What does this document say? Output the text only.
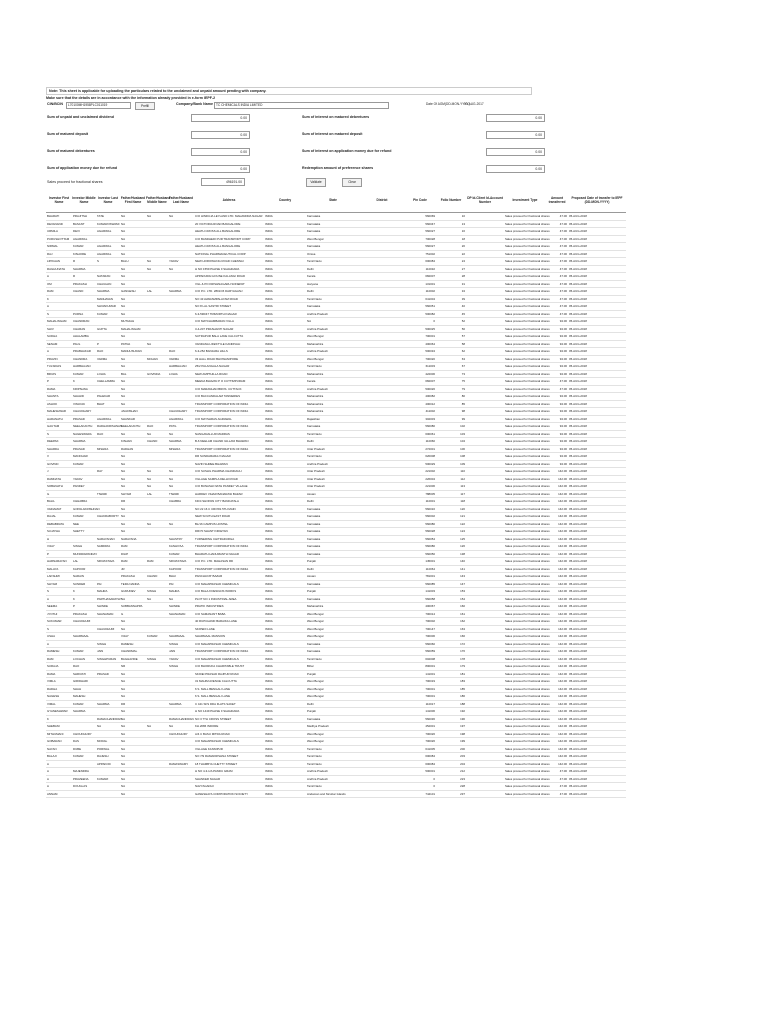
Note: This sheet is applicable for uploading the particulars related to the unclaimed and unpaid amount pending with company.
Make sure that the details are in accordance with the information already provided in e-form IEPF-2
CIN/BCIN	L70100MH1958PLC011019	Prefill	Company/Bank Name TC CHEMICALS INDIA LIMITED	Date Of AGM(DD-MON-YYYY)
03-AUG-2017
Sum of unpaid and unclaimed dividend	0.00	Sum of interest on matured debentures	0.00
Sum of matured deposit	0.00	Sum of interest on matured deposit	0.00
Sum of matured debentures	0.00	Sum of interest on application money due for refund	0.00
Sum of application money due for refund	0.00	Redemption amount of preference shares	0.00
Sales proceed for fractional shares	496191.00	Validate	Clear
Investor First Name	Investor Middle Name	Investor Last Name	Father/Husband First Name	Father/Husband Middle Name	Father/Husband Last Name	Address	Country	State	District	Pin Code	Folio Number	DP Id-Client Id-Account Number	Investment Type	Amount transferred	Proposed Date of transfer to IEPF (DD-MON-YYYY)
BHARATI	PRAJITSH	TATE	NA	NA	NA	C/O HINDUJA LEYLAND LTD. MAHANDRA NAGAR	INDIA	Karnataka		560069	10		Sales proceed for fractional shares	47.00	05-AUG-2018
DEVANAND	BASANT	KUMAROSWAMI	NA			20 VICTORIA ROAD BANGALORE	INDIA	Karnataka		560047	13		Sales proceed for fractional shares	47.00	05-AUG-2018
URMILA	DEVI	AGARWAL	NA			HEATH CROSS ALL BANGALORE	INDIA	Karnataka		560027	16		Sales proceed for fractional shares	47.00	05-AUG-2018
PURUSHOTTAM	AGARWAL		NA			C/O BANDHEDI PUR TRANSPORT CORP	INDIA	West Bengal		700028	18		Sales proceed for fractional shares	47.00	05-AUG-2018
NIRMAL	KUMAR	AGARWAL	NA			HEATH CROSS ALL BANGALORE	INDIA	Karnataka		560027	20		Sales proceed for fractional shares	47.00	05-AUG-2018
RAJ	KISHORE	AGARWAL	NA			NATIONAL PHARMACEUTICAL CORP	INDIA	Orissa		751002	22		Sales proceed for fractional shares	47.00	05-AUG-2018
LIPIKAAN	R	S	BALU	NA	YADAV	NEW HOROWLING ROAD CHENNAI	INDIA	Tamil Nadu		600084	24		Sales proceed for fractional shares	47.00	05-AUG-2018
RAGHUNATH	SHARMA		NA	NA	NA	H NO 1559 PHASE II SHAHDARA	INDIA	Delhi		110032	27		Sales proceed for fractional shares	47.00	05-AUG-2018
A	R	NATARAN	NA			APPADURAI HOUSE KALANGI ROAD	INDIA	Kerala		682007	28		Sales proceed for fractional shares	47.00	05-AUG-2018
OM	PRAKASH	CHAUHAN	NA			VILL & PO KRISHNAGARH SONEPAT	INDIA	Haryana		131001	31		Sales proceed for fractional shares	47.00	05-AUG-2018
RAM	CHAND	SHARMA	GANGESH	LAL	SHARMA	C/O P.C. LTD. 2801/15 DARYAGANJ	INDIA	Delhi		110002	34		Sales proceed for fractional shares	47.00	05-AUG-2018
K		MADHAVAN	NA			NO 43 AVARAMPALAYAM ROAD	INDIA	Tamil Nadu		641004	39		Sales proceed for fractional shares	47.00	05-AUG-2018
A		SHIVAKUMAR	NA			NO 8 LAL SASTRI STREET	INDIA	Karnataka		560051	40		Sales proceed for fractional shares	47.00	05-AUG-2018
S	PURNA	KUMAR	NA			6-3-596/47 TRIMURTHI NAGAR	INDIA	Andhra Pradesh		500082	45		Sales proceed for fractional shares	47.00	05-AUG-2018
MAHALINGAM	CHANDRAN		MUTHIAH			C/O MATCHAMBARAN VILLA	INDIA	NA		0	52		Sales proceed for fractional shares	94.00	05-AUG-2018
SHIV	CHARAN	GUPTA	MAHALINGAM			3-4-207 PRASHANTI NAGAR	INDIA	Andhra Pradesh		500025	56		Sales proceed for fractional shares	94.00	05-AUG-2018
SUDHA	AHALAMBA		NA			SUTRAPUR BALA LANE CALCUTTA	INDIA	West Bengal		700001	57		Sales proceed for fractional shares	94.00	05-AUG-2018
SENAM	PAUL	P	PATNA	NA		VANDANA LIFESTYLE KANDIVALI	INDIA	Maharashtra		400064	58		Sales proceed for fractional shares	94.00	05-AUG-2018
A	PRABHAKAR	RAO	MADHUSUDAN		RAO	6-3-252 BANJARA HILLS	INDIA	Andhra Pradesh		500034	62		Sales proceed for fractional shares	94.00	05-AUG-2018
PRAVIN	CHANDRA	VARMA	NA	MOHAN	VARMA	33 HALL ROAD BHOWANIPORE	INDIA	West Bengal		700020	63		Sales proceed for fractional shares	94.00	05-AUG-2018
TULSIDAS	HARBHAJAN		NA		HARBHAJAN	25/2 PALANGALA NAGAR	INDIA	Tamil Nadu		611003	67		Sales proceed for fractional shares	94.00	05-AUG-2018
BRIJIS	KUMAR	LOHIA	BAL	GOVINDA	LOHIA	NEW AMPTHILLA ROAD	INDIA	Maharashtra		422006	73		Sales proceed for fractional shares	94.00	05-AUG-2018
P	K	CHELLAMMA	NA			MEENA BHAVAN P O CUTTIMPURAM	INDIA	Kerala		682007	75		Sales proceed for fractional shares	47.00	05-AUG-2018
RAMA	KRIPSHNA		NA			C/O MARANHAN BROS. CUTTACK	INDIA	Andhra Pradesh		500026	79		Sales proceed for fractional shares	47.00	05-AUG-2018
SHANTA	SHAHID	PALEKAR	NA			C/O BACCANDALAM TANNERIES	INDIA	Maharashtra		400082	80		Sales proceed for fractional shares	94.00	05-AUG-2018
ASHOK	VINAYAK	BHAT	NA			TRANSPORT CORPORATION OF INDIA	INDIA	Maharashtra		400012	85		Sales proceed for fractional shares	94.00	05-AUG-2018
MAHESHWAR	CHAUDHARY		JAGDISHAN		CHAUDHARY	TRANSPORT CORPORATION OF INDIA	INDIA	Maharashtra		411002	98		Sales proceed for fractional shares	94.00	05-AUG-2018
HARANATH	PRASAD	AGARWAL	SHANKAR		AGARWAL	C/O MAYSHRAS AGRAWAL	INDIA	Rajasthan		302003	99		Sales proceed for fractional shares	94.00	05-AUG-2018
GAUTAM	NEELAKANTH	RADHAKRISHNAN	NEELAKANTH	RAO	PATIL	TRANSPORT CORPORATION OF INDIA	INDIA	Karnataka		560080	102		Sales proceed for fractional shares	94.00	05-AUG-2018
S	NAGESWARA	RAO	NA	NA	NA	NANGANALLUR MADRAS	INDIA	Tamil Nadu		600061	103		Sales proceed for fractional shares	94.00	05-AUG-2018
DEEPAK	SHARMA		KISHAN	CHAND	SHARMA	B-6 NEELAM CHAND GILLANI BHAWAN	INDIA	Delhi		110060	104		Sales proceed for fractional shares	94.00	05-AUG-2018
SHARDA	PRASAD	MISHRA	RADHAN		MISHRA	TRANSPORT CORPORATION OF INDIA	INDIA	Uttar Pradesh		272001	106		Sales proceed for fractional shares	94.00	05-AUG-2018
V	MANOHAR		NA			DR SUNDARARAJ NAGAR	INDIA	Tamil Nadu		620008	108		Sales proceed for fractional shares	94.00	05-AUG-2018
GOVIND	KUMAR		NA			NAVIN SHREE BHAWAN	INDIA	Andhra Pradesh		500029	109		Sales proceed for fractional shares	94.00	05-AUG-2018
J		RAY	NA	NA	NA	C/O SUSHIL PHARMA CHANDAULI	INDIA	Uttar Pradesh		221002	110		Sales proceed for fractional shares	142.00	05-AUG-2018
RAMNATH	YADAV		NA	NA	NA	VILLAGE SAMPLA DELHI ROAD	INDIA	Uttar Pradesh		226004	112		Sales proceed for fractional shares	142.00	05-AUG-2018
SOBHNATH	PANDEY		NA	NA	NA	C/O BUNASHI NATH PANDEY VILLAGE	INDIA	Uttar Pradesh		221006	113		Sales proceed for fractional shares	142.00	05-AUG-2018
G		TIWARI	SHYAM	LAL	TIWARI	HARDEV VIHAR BANARASI BAZAR	INDIA	Assam		788005	117		Sales proceed for fractional shares	142.00	05-AUG-2018
BALIL	CHHABRA		DR		CHABRA	KD/4 SHOPAN CITY BANKATALA	INDIA	Delhi		110001	118		Sales proceed for fractional shares	142.00	05-AUG-2018
VAIDAMAT	GOPALAKRISHNAN		NA			NO 22 16 C CROSS 5TH MAIN	INDIA	Karnataka		560016	120		Sales proceed for fractional shares	142.00	05-AUG-2018
RAJAL	KUMAR	CHAKRABORTY	NA			NEW SOUTH EAST ROAD	INDIA	Karnataka		560002	121		Sales proceed for fractional shares	142.00	05-AUG-2018
DEBABRATA	NEE		NA	NA	NA	BL/16 CAMPUS HOSTEL	INDIA	Karnataka		560080	122		Sales proceed for fractional shares	142.00	05-AUG-2018
SUJATHA	SHETTY		NA			DR/70 SHANTI NIKETAN	INDIA	Karnataka		560028	124		Sales proceed for fractional shares	142.00	05-AUG-2018
H		NARAYANAN	NARAYANA		SHASTRY	TURNERING CHITRADURGA	INDIA	Karnataka		560054	125		Sales proceed for fractional shares	142.00	05-AUG-2018
VIJAY	SINGH	SAMDRIA	RAM		KANHIYAA	TRANSPORT CORPORATION OF INDIA	INDIA	Karnataka		560080	126		Sales proceed for fractional shares	142.00	05-AUG-2018
P	MUNDRAPANDAY		DILIP		KUMAR	BHARATH HANUMANTH NAGAR	INDIA	Karnataka		560050	138		Sales proceed for fractional shares	142.00	05-AUG-2018
HARNARAYAN	LAL	SRIVASTAVA	RAM	RAM	SRIVASTAVA	C/O P.C. LTD. MAHASAN RD	INDIA	Punjab		145001	140		Sales proceed for fractional shares	142.00	05-AUG-2018
MALAYA	KAPOOR		JR		KAPOOR	TRANSPORT CORPORATION OF INDIA	INDIA	Delhi		110064	141		Sales proceed for fractional shares	142.00	05-AUG-2018
LAKSHMI	NARAIN		PRAKASH	CHAND	BHAI	PANCHAYAT BAZAR	INDIA	Assam		781001	143		Sales proceed for fractional shares	142.00	05-AUG-2018
SHYAM	SUNDER	PAI	TERA NANDA		PAI	C/O MAHAPRASAD CHEMICALS	INDIA	Karnataka		560085	147		Sales proceed for fractional shares	142.00	05-AUG-2018
S	K	MAHRA	GURUDEV	SINGH	MAHRA	C/O BALAJI DESIGNS WORKS	INDIA	Punjab		141003	153		Sales proceed for fractional shares	142.00	05-AUG-2018
A	K	PARTHASARATHY	NA	NA	NA	PLOT NO 1 INDUSTRIAL AREA	INDIA	Karnataka		560058	154		Sales proceed for fractional shares	142.00	05-AUG-2018
SEEMA	P	SHINDE	SUBBANNAPPA		SHINDE	PRATIK INDUSTRIES	INDIA	Maharashtra		400067	160		Sales proceed for fractional shares	142.00	05-AUG-2018
JYOTHI	PRAKASH	SHANAMAN	G		SHANAMAN	C/O SAMANANT BABA	INDIA	West Bengal		700014	161		Sales proceed for fractional shares	142.00	05-AUG-2018
SUKUMAR	CHAUDHURI		NA			40 RUPCHAND BARAIKA LANE	INDIA	West Bengal		700002	162		Sales proceed for fractional shares	142.00	05-AUG-2018
S		CHAUDHURI	NA			SK/PEDI LANE	INDIA	West Bengal		700147	163		Sales proceed for fractional shares	142.00	05-AUG-2018
USHA	SHARMAAL		VIJAY	KUMAR	SHARMAAL	SHARMAAL MANSION	INDIA	West Bengal		700006	166		Sales proceed for fractional shares	142.00	05-AUG-2018
A		SINGH	RAMESH		SINGH	C/O MAHAPRASAD CHEMICALS	INDIA	Karnataka		560060	172		Sales proceed for fractional shares	142.00	05-AUG-2018
RAMESH	KUMAR	JAIN	CHANDMAL		JAIN	TRANSPORT CORPORATION OF INDIA	INDIA	Karnataka		560059	176		Sales proceed for fractional shares	142.00	05-AUG-2018
RAM	LOCHAN	SINGHPURAN	BAGHAVIDE	SINGH	YADAV	C/O MAHAPRASAD CHEMICALS	INDIA	Tamil Nadu		602008	178		Sales proceed for fractional shares	142.00	05-AUG-2018
SURAJA	RAO		NR		SINGH	C/O BHORUKA CHARITABLE TRUST	INDIA	Bihar		800001	179		Sales proceed for fractional shares	142.00	05-AUG-2018
RAMA	SHRIVATI	PRASAD	NA			SK/DEI PRASAD RAJPUR ROAD	INDIA	Punjab		141001	181		Sales proceed for fractional shares	142.00	05-AUG-2018
VIMLA	GIRIDHARI		NA			31 MAHIM AVENUE CALCUTTA	INDIA	West Bengal		700019	183		Sales proceed for fractional shares	142.00	05-AUG-2018
RADHA	SHAH		NA			6 S. MALL BENGALI LANE	INDIA	West Bengal		700001	185		Sales proceed for fractional shares	142.00	05-AUG-2018
NAGESH	MAHESH		NA			6 S. MALL BENGALI LANE	INDIA	West Bengal		700001	186		Sales proceed for fractional shares	142.00	05-AUG-2018
VIMAL	KUMAR	SHARMA	DR		SHARMA	C 441 SFS DDA FLATS SAKET	INDIA	Delhi		110017	188		Sales proceed for fractional shares	142.00	05-AUG-2018
GYANESHWAR	SHARMA		NA			H NO 1449 PHASE II SHAHDARA	INDIA	Punjab		141006	192		Sales proceed for fractional shares	142.00	05-AUG-2018
K		RAMACHANDRAN	NA		RAMACHANDRAN	NO 3 7TH CROSS STREET	INDIA	Karnataka		560036	196		Sales proceed for fractional shares	142.00	05-AUG-2018
SHEBANI		NA	NA	NA	NA	KH.2086 INDORE	INDIA	Madhya Pradesh		452001	197		Sales proceed for fractional shares	142.00	05-AUG-2018
MITHUMANI	CHOUDHURY		NA		CHOUDHURY	A/4 C BASU MITRA ROAD	INDIA	West Bengal		700026	198		Sales proceed for fractional shares	142.00	05-AUG-2018
GOBARAN	DAS	MODAL	NA			C/O MAHAPRASAD CHEMICALS	INDIA	West Bengal		700026	199		Sales proceed for fractional shares	142.00	05-AUG-2018
NAYAN	DUBE	PORWAL	NA			VILLAGE KANNIPUR	INDIA	Tamil Nadu		641005	200		Sales proceed for fractional shares	142.00	05-AUG-2018
BALAJI	KUMAR	RAJESH	NA			NO 7/9 RAMAKRISHNA STREET	INDIA	Tamil Nadu		600084	203		Sales proceed for fractional shares	142.00	05-AUG-2018
A		APPAKOD	NA		RAMASWAMY	18 THAMBYA CHETTY STREET	INDIA	Tamil Nadu		600084	204		Sales proceed for fractional shares	142.00	05-AUG-2018
A	MAJENDRA		NA			H NO 4-3-1/A PANDU GRAM	INDIA	Andhra Pradesh		500001	212		Sales proceed for fractional shares	47.00	05-AUG-2018
A	PRAVEENA	KUMARI	NA			SHANKER NAGAR	INDIA	Andhra Pradesh		0	223		Sales proceed for fractional shares	47.00	05-AUG-2018
A	DOUGLAS		NA			NAVYAGADHI	INDIA	Tamil Nadu		0	228		Sales proceed for fractional shares	47.00	05-AUG-2018
ANNAM			NA			GANESHAYA CORPORATION SOCIETY	INDIA	Andaman and Nicobar Islands		744101	237		Sales proceed for fractional shares	47.00	05-AUG-2018
